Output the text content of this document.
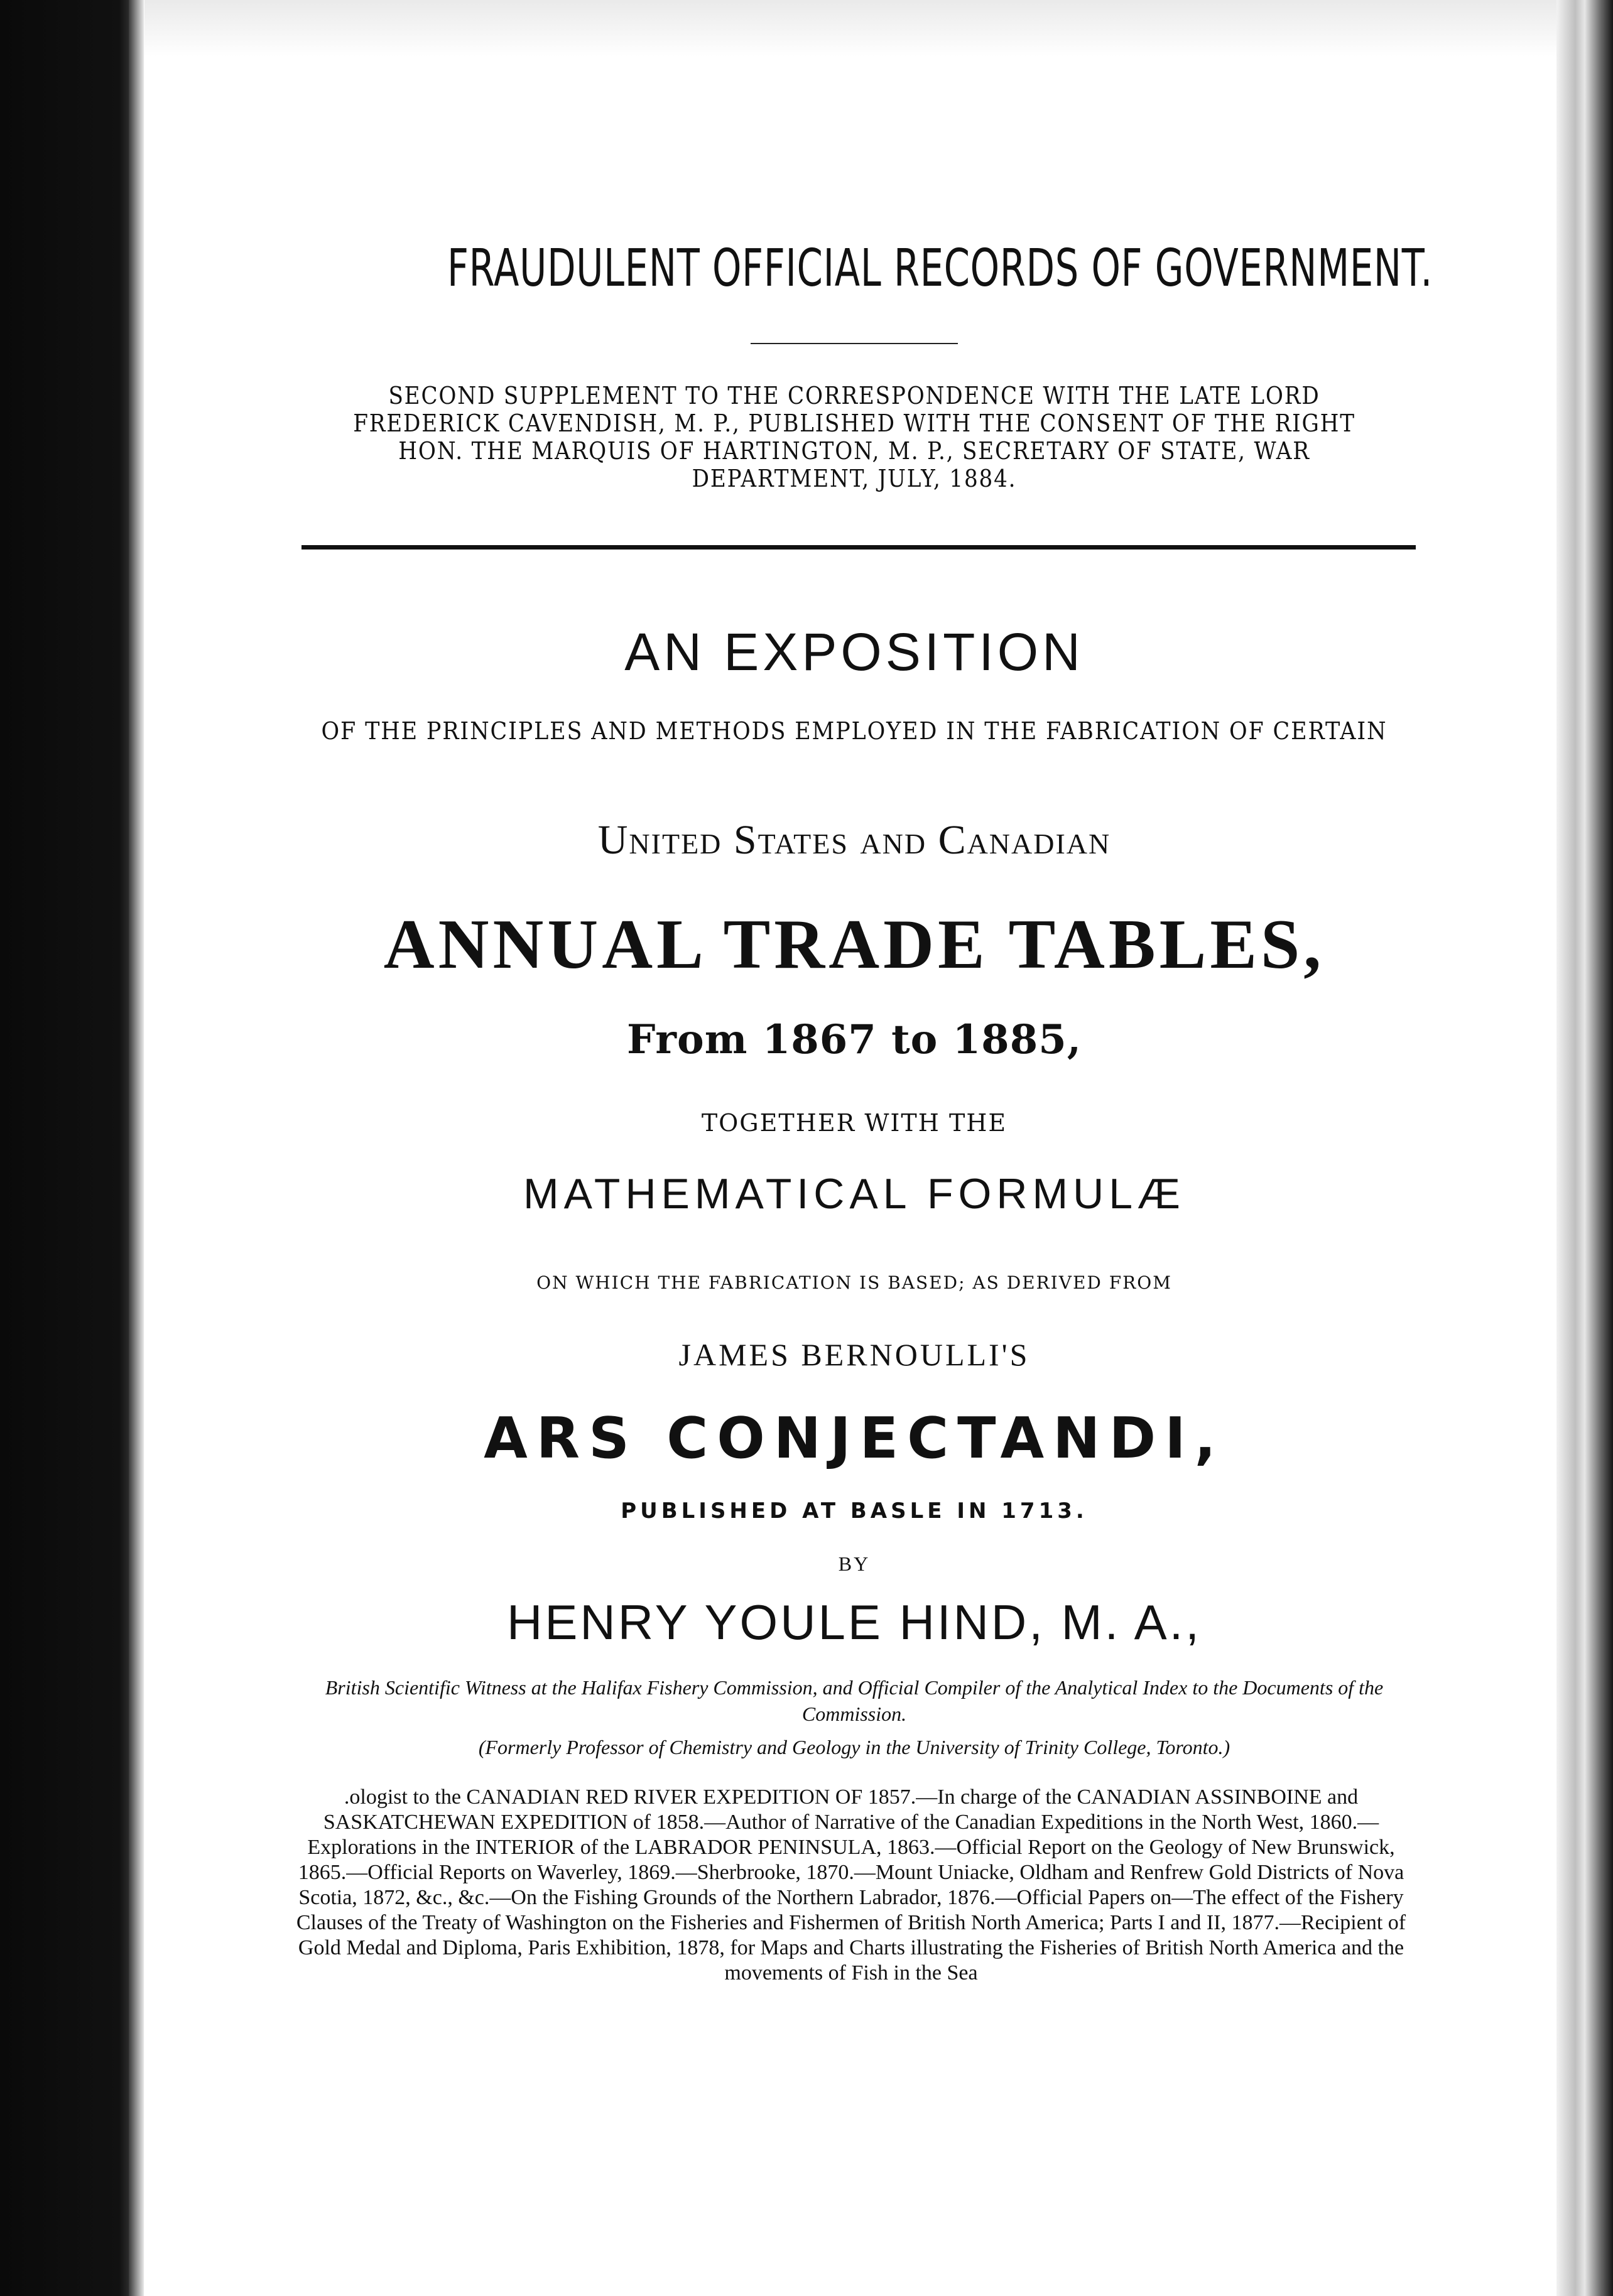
FRAUDULENT OFFICIAL RECORDS OF GOVERNMENT.
SECOND SUPPLEMENT TO THE CORRESPONDENCE WITH THE LATE LORD FREDERICK CAVENDISH, M. P., PUBLISHED WITH THE CONSENT OF THE RIGHT HON. THE MARQUIS OF HARTINGTON, M. P., SECRETARY OF STATE, WAR DEPARTMENT, JULY, 1884.
AN EXPOSITION
OF THE PRINCIPLES AND METHODS EMPLOYED IN THE FABRICATION OF CERTAIN
United States and Canadian
ANNUAL TRADE TABLES,
From 1867 to 1885,
TOGETHER WITH THE
MATHEMATICAL FORMULÆ
ON WHICH THE FABRICATION IS BASED; AS DERIVED FROM
JAMES BERNOULLI'S
ARS CONJECTANDI,
PUBLISHED AT BASLE IN 1713.
BY
HENRY YOULE HIND, M. A.,
British Scientific Witness at the Halifax Fishery Commission, and Official Compiler of the Analytical Index to the Documents of the Commission.
(Formerly Professor of Chemistry and Geology in the University of Trinity College, Toronto.)
.ologist to the CANADIAN RED RIVER EXPEDITION OF 1857.—In charge of the CANADIAN ASSINBOINE and SASKATCHEWAN EXPEDITION of 1858.—Author of Narrative of the Canadian Expeditions in the North West, 1860.—Explorations in the INTERIOR of the LABRADOR PENINSULA, 1863.—Official Report on the Geology of New Brunswick, 1865.—Official Reports on Waverley, 1869.—Sherbrooke, 1870.—Mount Uniacke, Oldham and Renfrew Gold Districts of Nova Scotia, 1872, &c., &c.—On the Fishing Grounds of the Northern Labrador, 1876.—Official Papers on—The effect of the Fishery Clauses of the Treaty of Washington on the Fisheries and Fishermen of British North America; Parts I and II, 1877.—Recipient of Gold Medal and Diploma, Paris Exhibition, 1878, for Maps and Charts illustrating the Fisheries of British North America and the movements of Fish in the Sea
